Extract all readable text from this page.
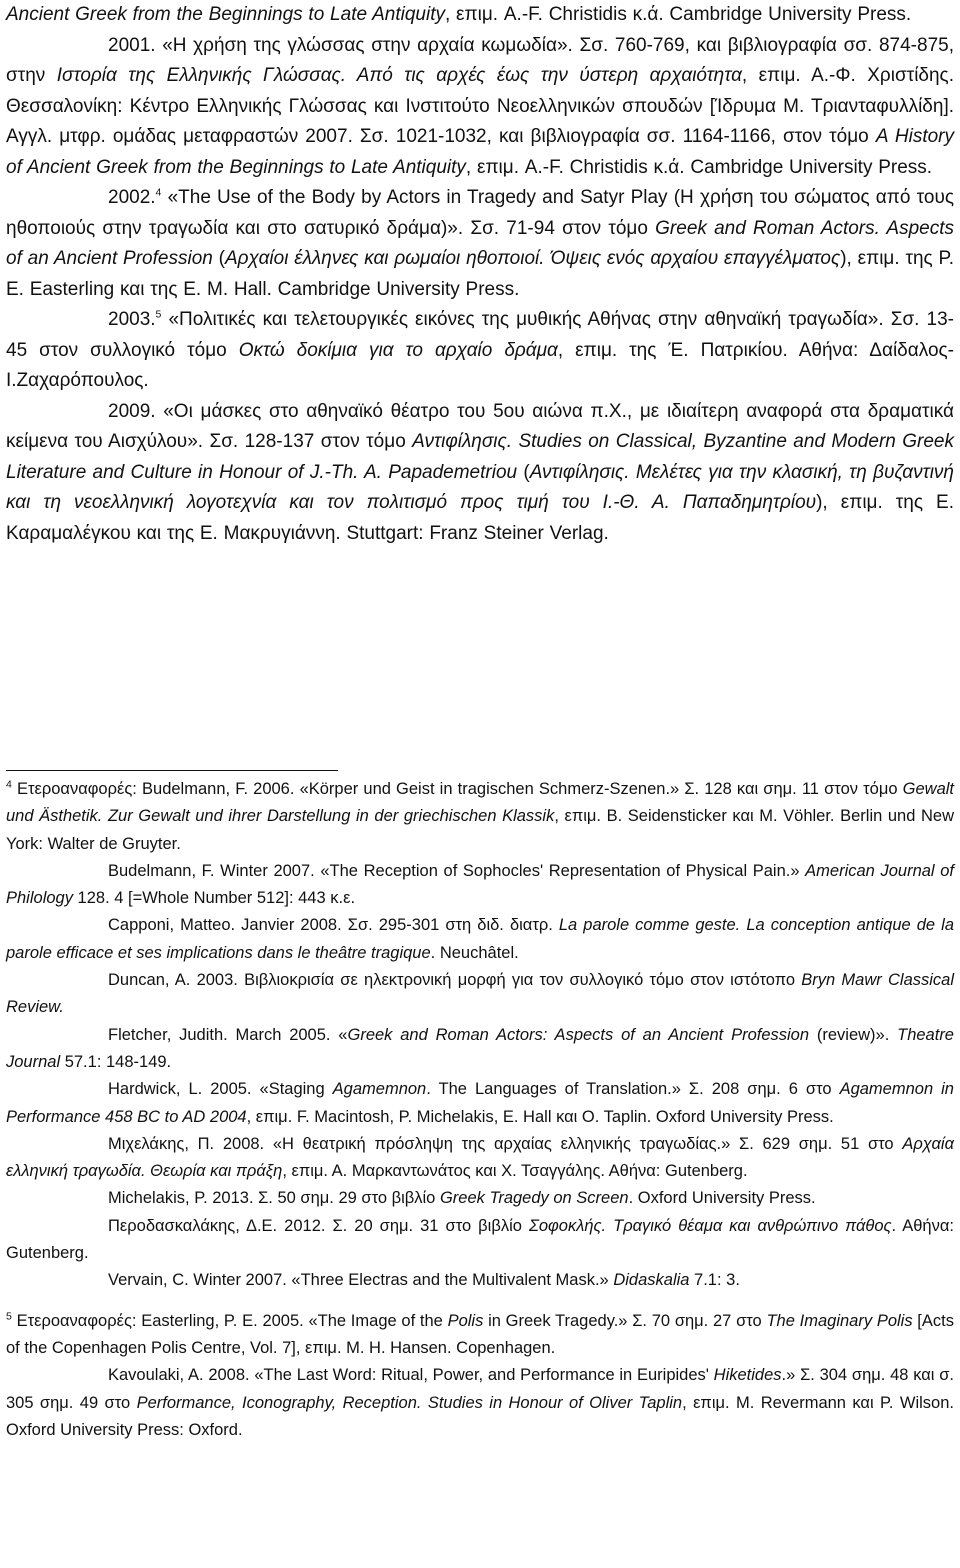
Ancient Greek from the Beginnings to Late Antiquity, επιμ. A.-F. Christidis κ.ά. Cambridge University Press.

2001. «Η χρήση της γλώσσας στην αρχαία κωμωδία». Σσ. 760-769, και βιβλιογραφία σσ. 874-875, στην Ιστορία της Ελληνικής Γλώσσας. Από τις αρχές έως την ύστερη αρχαιότητα, επιμ. Α.-Φ. Χριστίδης. Θεσσαλονίκη: Κέντρο Ελληνικής Γλώσσας και Ινστιτούτο Νεοελληνικών σπουδών [Ίδρυμα Μ. Τριανταφυλλίδη]. Αγγλ. μτφρ. ομάδας μεταφραστών 2007. Σσ. 1021-1032, και βιβλιογραφία σσ. 1164-1166, στον τόμο A History of Ancient Greek from the Beginnings to Late Antiquity, επιμ. A.-F. Christidis κ.ά. Cambridge University Press.

2002.$^4$ «The Use of the Body by Actors in Tragedy and Satyr Play (Η χρήση του σώματος από τους ηθοποιούς στην τραγωδία και στο σατυρικό δράμα)». Σσ. 71-94 στον τόμο Greek and Roman Actors. Aspects of an Ancient Profession (Αρχαίοι έλληνες και ρωμαίοι ηθοποιοί. Όψεις ενός αρχαίου επαγγέλματος), επιμ. της P. E. Easterling και της E. M. Hall. Cambridge University Press.

2003.$^5$ «Πολιτικές και τελετουργικές εικόνες της μυθικής Αθήνας στην αθηναϊκή τραγωδία». Σσ. 13-45 στον συλλογικό τόμο Οκτώ δοκίμια για το αρχαίο δράμα, επιμ. της Έ. Πατρικίου. Αθήνα: Δαίδαλος-Ι.Ζαχαρόπουλος.

2009. «Οι μάσκες στο αθηναϊκό θέατρο του 5ου αιώνα π.Χ., με ιδιαίτερη αναφορά στα δραματικά κείμενα του Αισχύλου». Σσ. 128-137 στον τόμο Αντιφίλησις. Studies on Classical, Byzantine and Modern Greek Literature and Culture in Honour of J.-Th. A. Papademetriou (Αντιφίλησις. Μελέτες για την κλασική, τη βυζαντινή και τη νεοελληνική λογοτεχνία και τον πολιτισμό προς τιμή του Ι.-Θ. Α. Παπαδημητρίου), επιμ. της E. Καραμαλέγκου και της E. Μακρυγιάννη. Stuttgart: Franz Steiner Verlag.

$^4$ Ετεροαναφορές: Budelmann, F. 2006. «Körper und Geist in tragischen Schmerz-Szenen.» Σ. 128 και σημ. 11 στον τόμο Gewalt und Ästhetik. Zur Gewalt und ihrer Darstellung in der griechischen Klassik, επιμ. B. Seidensticker και M. Vöhler. Berlin und New York: Walter de Gruyter.

Budelmann, F. Winter 2007. «The Reception of Sophocles' Representation of Physical Pain.» American Journal of Philology 128. 4 [=Whole Number 512]: 443 κ.ε.

Capponi, Matteo. Janvier 2008. Σσ. 295-301 στη διδ. διατρ. La parole comme geste. La conception antique de la parole efficace et ses implications dans le theâtre tragique. Neuchâtel.

Duncan, A. 2003. Βιβλιοκρισία σε ηλεκτρονική μορφή για τον συλλογικό τόμο στον ιστότοπο Bryn Mawr Classical Review.

Fletcher, Judith. March 2005. «Greek and Roman Actors: Aspects of an Ancient Profession (review)». Theatre Journal 57.1: 148-149.

Hardwick, L. 2005. «Staging Agamemnon. The Languages of Translation.» Σ. 208 σημ. 6 στο Agamemnon in Performance 458 BC to AD 2004, επιμ. F. Macintosh, P. Michelakis, E. Hall και O. Taplin. Oxford University Press.

Μιχελάκης, Π. 2008. «Η θεατρική πρόσληψη της αρχαίας ελληνικής τραγωδίας.» Σ. 629 σημ. 51 στο Αρχαία ελληνική τραγωδία. Θεωρία και πράξη, επιμ. Α. Μαρκαντωνάτος και Χ. Τσαγγάλης. Αθήνα: Gutenberg.

Michelakis, P. 2013. Σ. 50 σημ. 29 στο βιβλίο Greek Tragedy on Screen. Oxford University Press.

Περοδασκαλάκης, Δ.Ε. 2012. Σ. 20 σημ. 31 στο βιβλίο Σοφοκλής. Τραγικό θέαμα και ανθρώπινο πάθος. Αθήνα: Gutenberg.

Vervain, C. Winter 2007. «Three Electras and the Multivalent Mask.» Didaskalia 7.1: 3.

$^5$ Ετεροαναφορές: Easterling, P. E. 2005. «The Image of the Polis in Greek Tragedy.» Σ. 70 σημ. 27 στο The Imaginary Polis [Acts of the Copenhagen Polis Centre, Vol. 7], επιμ. M. H. Hansen. Copenhagen.

Kavoulaki, A. 2008. «The Last Word: Ritual, Power, and Performance in Euripides' Hiketides.» Σ. 304 σημ. 48 και σ. 305 σημ. 49 στο Performance, Iconography, Reception. Studies in Honour of Oliver Taplin, επιμ. M. Revermann και P. Wilson. Oxford University Press: Oxford.
